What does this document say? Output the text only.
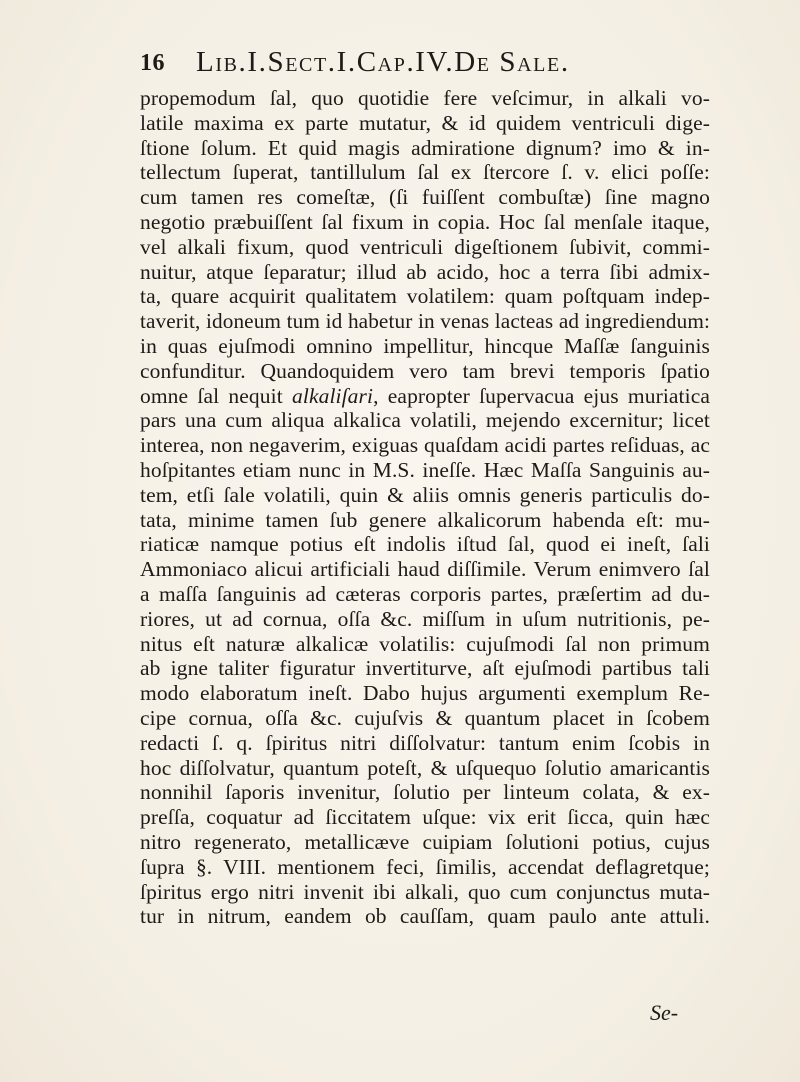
16 Lib.I.Sect.I.Cap.IV.De Sale.
propemodum ſal, quo quotidie fere veſcimur, in alkali vo-
latile maxima ex parte mutatur, & id quidem ventriculi dige-
ſtione ſolum. Et quid magis admiratione dignum? imo & in-
tellectum ſuperat, tantillulum ſal ex ſtercore ſ. v. elici poſſe:
cum tamen res comeſtæ, (ſi fuiſſent combuſtæ) ſine magno
negotio præbuiſſent ſal fixum in copia. Hoc ſal menſale itaque,
vel alkali fixum, quod ventriculi digeſtionem ſubivit, commi-
nuitur, atque ſeparatur; illud ab acido, hoc a terra ſibi admix-
ta, quare acquirit qualitatem volatilem: quam poſtquam indep-
taverit, idoneum tum id habetur in venas lacteas ad ingrediendum:
in quas ejuſmodi omnino impellitur, hincque Maſſæ ſanguinis
confunditur. Quandoquidem vero tam brevi temporis ſpatio
omne ſal nequit alkaliſari, eapropter ſupervacua ejus muriatica
pars una cum aliqua alkalica volatili, mejendo excernitur; licet
interea, non negaverim, exiguas quaſdam acidi partes reſiduas, ac
hoſpitantes etiam nunc in M.S. ineſſe. Hæc Maſſa Sanguinis au-
tem, etſi ſale volatili, quin & aliis omnis generis particulis do-
tata, minime tamen ſub genere alkalicorum habenda eſt: mu-
riaticæ namque potius eſt indolis iſtud ſal, quod ei ineſt, ſali
Ammoniaco alicui artificiali haud diſſimile. Verum enimvero ſal
a maſſa ſanguinis ad cæteras corporis partes, præſertim ad du-
riores, ut ad cornua, oſſa &c. miſſum in uſum nutritionis, pe-
nitus eſt naturæ alkalicæ volatilis: cujuſmodi ſal non primum
ab igne taliter figuratur invertiturve, aſt ejuſmodi partibus tali
modo elaboratum ineſt. Dabo hujus argumenti exemplum Re-
cipe cornua, oſſa &c. cujuſvis & quantum placet in ſcobem
redacti ſ. q. ſpiritus nitri diſſolvatur: tantum enim ſcobis in
hoc diſſolvatur, quantum poteſt, & uſquequo ſolutio amaricantis
nonnihil ſaporis invenitur, ſolutio per linteum colata, & ex-
preſſa, coquatur ad ſiccitatem uſque: vix erit ſicca, quin hæc
nitro regenerato, metallicæve cuipiam ſolutioni potius, cujus
ſupra §. VIII. mentionem feci, ſimilis, accendat deflagretque;
ſpiritus ergo nitri invenit ibi alkali, quo cum conjunctus muta-
tur in nitrum, eandem ob cauſſam, quam paulo ante attuli.
Se-
